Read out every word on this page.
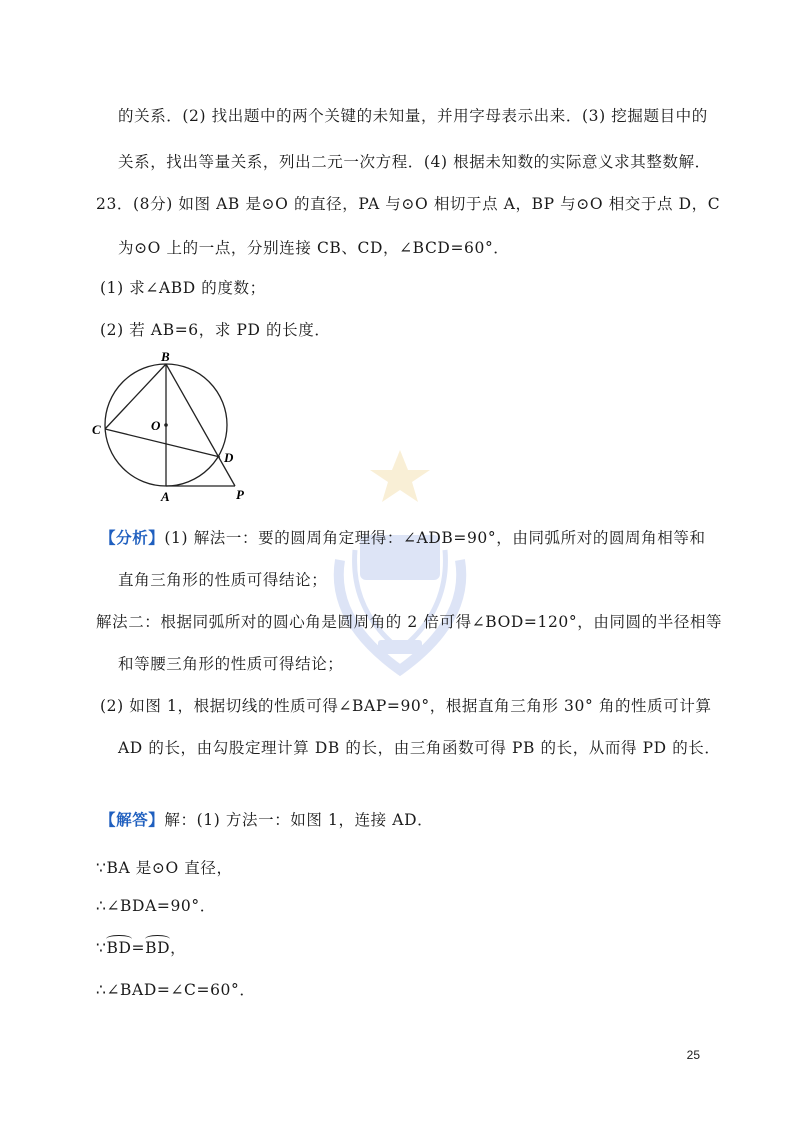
的关系．(2) 找出题中的两个关键的未知量，并用字母表示出来．(3) 挖掘题目中的
关系，找出等量关系，列出二元一次方程．(4) 根据未知数的实际意义求其整数解．
23．(8分) 如图 AB 是⊙O 的直径，PA 与⊙O 相切于点 A，BP 与⊙O 相交于点 D，C
为⊙O 上的一点，分别连接 CB、CD，∠BCD=60°．
(1) 求∠ABD 的度数；
(2) 若 AB=6，求 PD 的长度．
B
C	O
D
A	P
【分析】(1) 解法一：要的圆周角定理得：∠ADB=90°，由同弧所对的圆周角相等和
直角三角形的性质可得结论；
解法二：根据同弧所对的圆心角是圆周角的 2 倍可得∠BOD=120°，由同圆的半径相等
和等腰三角形的性质可得结论；
(2) 如图 1，根据切线的性质可得∠BAP=90°，根据直角三角形 30° 角的性质可计算
AD 的长，由勾股定理计算 DB 的长，由三角函数可得 PB 的长，从而得 PD 的长．
【解答】解：(1) 方法一：如图 1，连接 AD．
∵BA 是⊙O 直径，
∴∠BDA=90°．
∵BD=BD，
∴∠BAD=∠C=60°．
25
